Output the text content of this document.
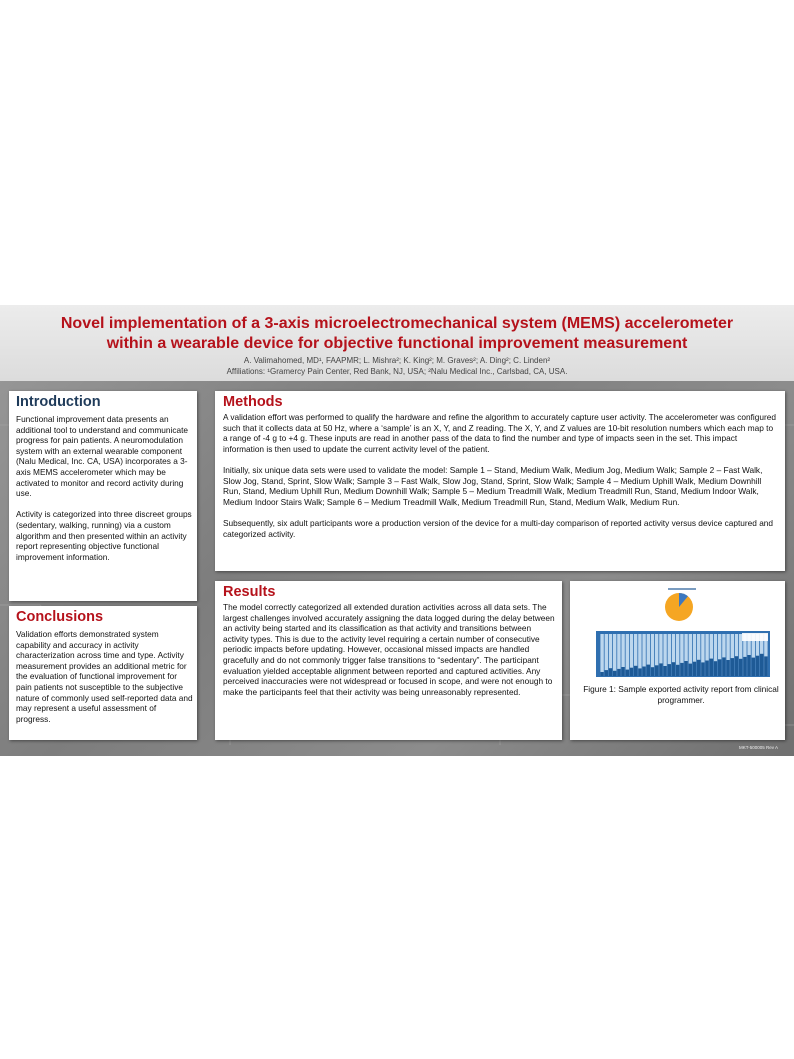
Novel implementation of a 3-axis microelectromechanical system (MEMS) accelerometer
within a wearable device for objective functional improvement measurement
A. Valimahomed, MD¹, FAAPMR; L. Mishra²; K. King²; M. Graves²; A. Ding²; C. Linden²
Affiliations: ¹Gramercy Pain Center, Red Bank, NJ, USA; ²Nalu Medical Inc., Carlsbad, CA, USA.
Introduction

Functional improvement data presents an additional tool to understand and communicate progress for pain patients. A neuromodulation system with an external wearable component (Nalu Medical, Inc. CA, USA) incorporates a 3-axis MEMS accelerometer which may be activated to monitor and record activity during use.

Activity is categorized into three discreet groups (sedentary, walking, running) via a custom algorithm and then presented within an activity report representing objective functional improvement information.

Conclusions

Validation efforts demonstrated system capability and accuracy in activity characterization across time and type. Activity measurement provides an additional metric for the evaluation of functional improvement for pain patients not susceptible to the subjective nature of commonly used self-reported data and may represent a useful assessment of progress.

Methods

A validation effort was performed to qualify the hardware and refine the algorithm to accurately capture user activity. The accelerometer was configured such that it collects data at 50 Hz, where a ‘sample’ is an X, Y, and Z reading. The X, Y, and Z values are 10-bit resolution numbers which each map to a range of -4 g to +4 g. These inputs are read in another pass of the data to find the number and type of impacts seen in the set. This impact information is then used to update the current activity level of the patient.

Initially, six unique data sets were used to validate the model: Sample 1 – Stand, Medium Walk, Medium Jog, Medium Walk; Sample 2 – Fast Walk, Slow Jog, Stand, Sprint, Slow Walk; Sample 3 – Fast Walk, Slow Jog, Stand, Sprint, Slow Walk; Sample 4 – Medium Uphill Walk, Medium Downhill Run, Stand, Medium Uphill Run, Medium Downhill Walk; Sample 5 – Medium Treadmill Walk, Medium Treadmill Run, Stand, Medium Indoor Walk, Medium Indoor Stairs Walk; Sample 6 – Medium Treadmill Walk, Medium Treadmill Run, Stand, Medium Walk, Medium Run.

Subsequently, six adult participants wore a production version of the device for a multi-day comparison of reported activity versus device captured and categorized activity.

Results

The model correctly categorized all extended duration activities across all data sets. The largest challenges involved accurately assigning the data logged during the delay between an activity being started and its classification as that activity and transitions between activity types. This is due to the activity level requiring a certain number of consecutive periodic impacts before updating. However, occasional missed impacts are handled gracefully and do not commonly trigger false transitions to “sedentary”. The participant evaluation yielded acceptable alignment between reported and captured activities. Any perceived inaccuracies were not widespread or focused in scope, and were not enough to make the participants feel that their activity was being unreasonably represented.	Figure 1: Sample exported activity report from clinical programmer.
MKT-500005 Rev A
